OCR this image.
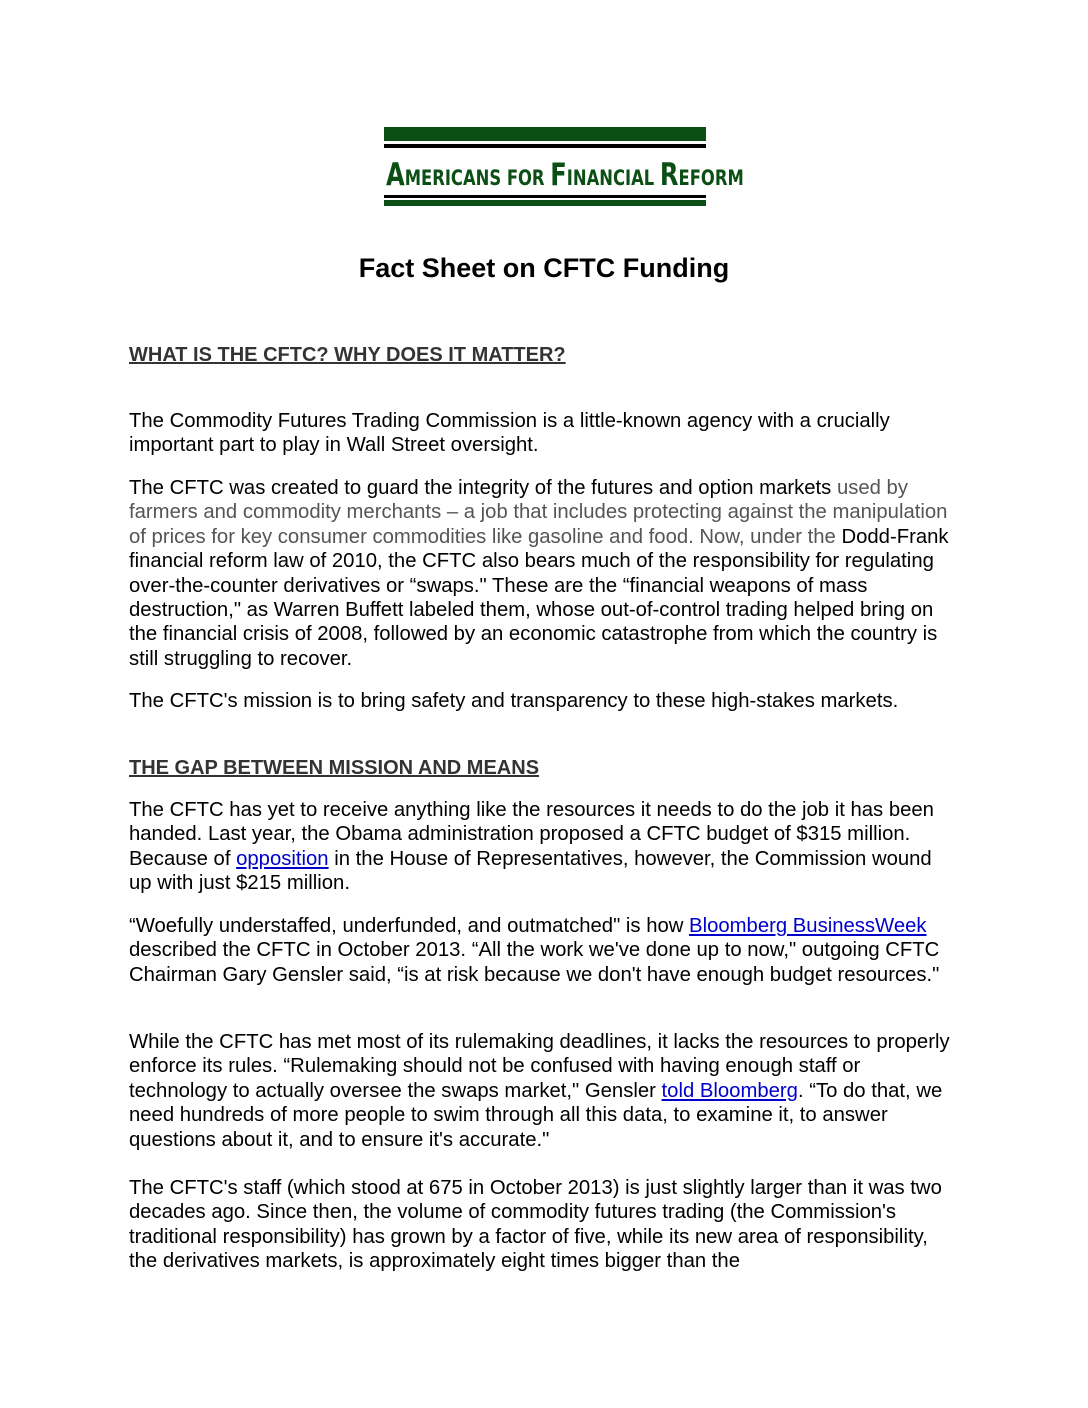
AMERICANS FOR FINANCIAL REFORM
Fact Sheet on CFTC Funding
WHAT IS THE CFTC? WHY DOES IT MATTER?

The Commodity Futures Trading Commission is a little-known agency with a crucially important part to play in Wall Street oversight.

The CFTC was created to guard the integrity of the futures and option markets used by farmers and commodity merchants – a job that includes protecting against the manipulation of prices for key consumer commodities like gasoline and food. Now, under the Dodd-Frank financial reform law of 2010, the CFTC also bears much of the responsibility for regulating over-the-counter derivatives or “swaps." These are the “financial weapons of mass destruction," as Warren Buffett labeled them, whose out-of-control trading helped bring on the financial crisis of 2008, followed by an economic catastrophe from which the country is still struggling to recover.

The CFTC's mission is to bring safety and transparency to these high-stakes markets.

THE GAP BETWEEN MISSION AND MEANS

The CFTC has yet to receive anything like the resources it needs to do the job it has been handed. Last year, the Obama administration proposed a CFTC budget of $315 million. Because of opposition in the House of Representatives, however, the Commission wound up with just $215 million.

“Woefully understaffed, underfunded, and outmatched" is how Bloomberg BusinessWeek described the CFTC in October 2013. “All the work we've done up to now," outgoing CFTC Chairman Gary Gensler said, “is at risk because we don't have enough budget resources."

While the CFTC has met most of its rulemaking deadlines, it lacks the resources to properly enforce its rules. “Rulemaking should not be confused with having enough staff or technology to actually oversee the swaps market," Gensler told Bloomberg. “To do that, we need hundreds of more people to swim through all this data, to examine it, to answer questions about it, and to ensure it's accurate."

The CFTC's staff (which stood at 675 in October 2013) is just slightly larger than it was two decades ago. Since then, the volume of commodity futures trading (the Commission's traditional responsibility) has grown by a factor of five, while its new area of responsibility, the derivatives markets, is approximately eight times bigger than the
